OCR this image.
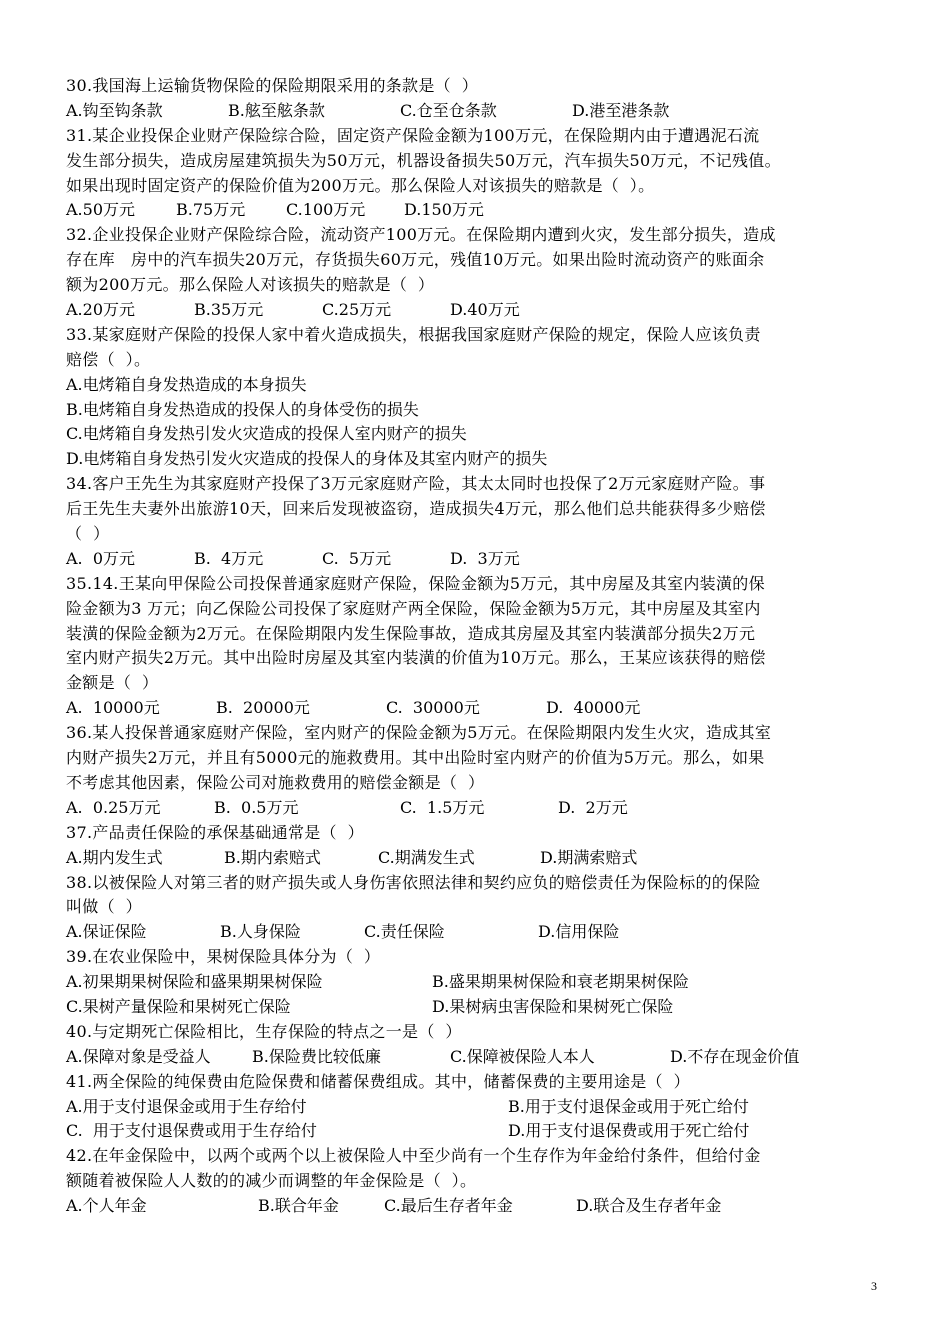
30.我国海上运输货物保险的保险期限采用的条款是（  ）
A.钩至钩条款	B.舷至舷条款	C.仓至仓条款	D.港至港条款
31.某企业投保企业财产保险综合险，固定资产保险金额为100万元，在保险期内由于遭遇泥石流
发生部分损失，造成房屋建筑损失为50万元，机器设备损失50万元，汽车损失50万元，不记残值。
如果出现时固定资产的保险价值为200万元。那么保险人对该损失的赔款是（  ）。
A.50万元	B.75万元	C.100万元	D.150万元
32.企业投保企业财产保险综合险，流动资产100万元。在保险期内遭到火灾，发生部分损失，造成
存在库   房中的汽车损失20万元，存货损失60万元，残值10万元。如果出险时流动资产的账面余
额为200万元。那么保险人对该损失的赔款是（  ）
A.20万元	B.35万元	C.25万元	D.40万元
33.某家庭财产保险的投保人家中着火造成损失，根据我国家庭财产保险的规定，保险人应该负责
赔偿（  ）。
A.电烤箱自身发热造成的本身损失
B.电烤箱自身发热造成的投保人的身体受伤的损失
C.电烤箱自身发热引发火灾造成的投保人室内财产的损失
D.电烤箱自身发热引发火灾造成的投保人的身体及其室内财产的损失
34.客户王先生为其家庭财产投保了3万元家庭财产险，其太太同时也投保了2万元家庭财产险。事
后王先生夫妻外出旅游10天，回来后发现被盗窃，造成损失4万元，那么他们总共能获得多少赔偿
（  ）
A.  0万元	B.  4万元	C.  5万元	D.  3万元
35.14.王某向甲保险公司投保普通家庭财产保险，保险金额为5万元，其中房屋及其室内装潢的保
险金额为3 万元；向乙保险公司投保了家庭财产两全保险，保险金额为5万元，其中房屋及其室内
装潢的保险金额为2万元。在保险期限内发生保险事故，造成其房屋及其室内装潢部分损失2万元
室内财产损失2万元。其中出险时房屋及其室内装潢的价值为10万元。那么，王某应该获得的赔偿
金额是（  ）
A.  10000元	B.  20000元	C.  30000元	D.  40000元
36.某人投保普通家庭财产保险，室内财产的保险金额为5万元。在保险期限内发生火灾，造成其室
内财产损失2万元，并且有5000元的施救费用。其中出险时室内财产的价值为5万元。那么，如果
不考虑其他因素，保险公司对施救费用的赔偿金额是（  ）
A.  0.25万元	B.  0.5万元	C.  1.5万元	D.  2万元
37.产品责任保险的承保基础通常是（  ）
A.期内发生式	B.期内索赔式	C.期满发生式	D.期满索赔式
38.以被保险人对第三者的财产损失或人身伤害依照法律和契约应负的赔偿责任为保险标的的保险
叫做（  ）
A.保证保险	B.人身保险	C.责任保险	D.信用保险
39.在农业保险中，果树保险具体分为（  ）
A.初果期果树保险和盛果期果树保险	B.盛果期果树保险和衰老期果树保险
C.果树产量保险和果树死亡保险	D.果树病虫害保险和果树死亡保险
40.与定期死亡保险相比，生存保险的特点之一是（  ）
A.保障对象是受益人	B.保险费比较低廉	C.保障被保险人本人	D.不存在现金价值
41.两全保险的纯保费由危险保费和储蓄保费组成。其中，储蓄保费的主要用途是（  ）
A.用于支付退保金或用于生存给付	B.用于支付退保金或用于死亡给付
C.  用于支付退保费或用于生存给付	D.用于支付退保费或用于死亡给付
42.在年金保险中，以两个或两个以上被保险人中至少尚有一个生存作为年金给付条件，但给付金
额随着被保险人人数的的减少而调整的年金保险是（  ）。
A.个人年金	B.联合年金	C.最后生存者年金	D.联合及生存者年金
3
